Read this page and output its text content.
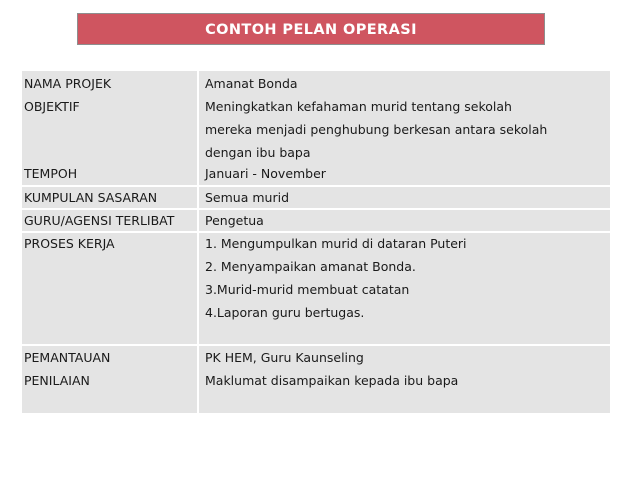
CONTOH PELAN OPERASI
NAMA PROJEK	Amanat Bonda
OBJEKTIF	Meningkatkan kefahaman murid tentang sekolah
mereka menjadi penghubung berkesan antara sekolah
dengan ibu bapa
TEMPOH	Januari - November
KUMPULAN SASARAN	Semua murid
GURU/AGENSI TERLIBAT Pengetua
PROSES KERJA	1. Mengumpulkan murid di dataran Puteri
2. Menyampaikan amanat Bonda.
3.Murid-murid membuat catatan
4.Laporan guru bertugas.
PEMANTAUAN	PK HEM, Guru Kaunseling
PENILAIAN	Maklumat disampaikan kepada ibu bapa
